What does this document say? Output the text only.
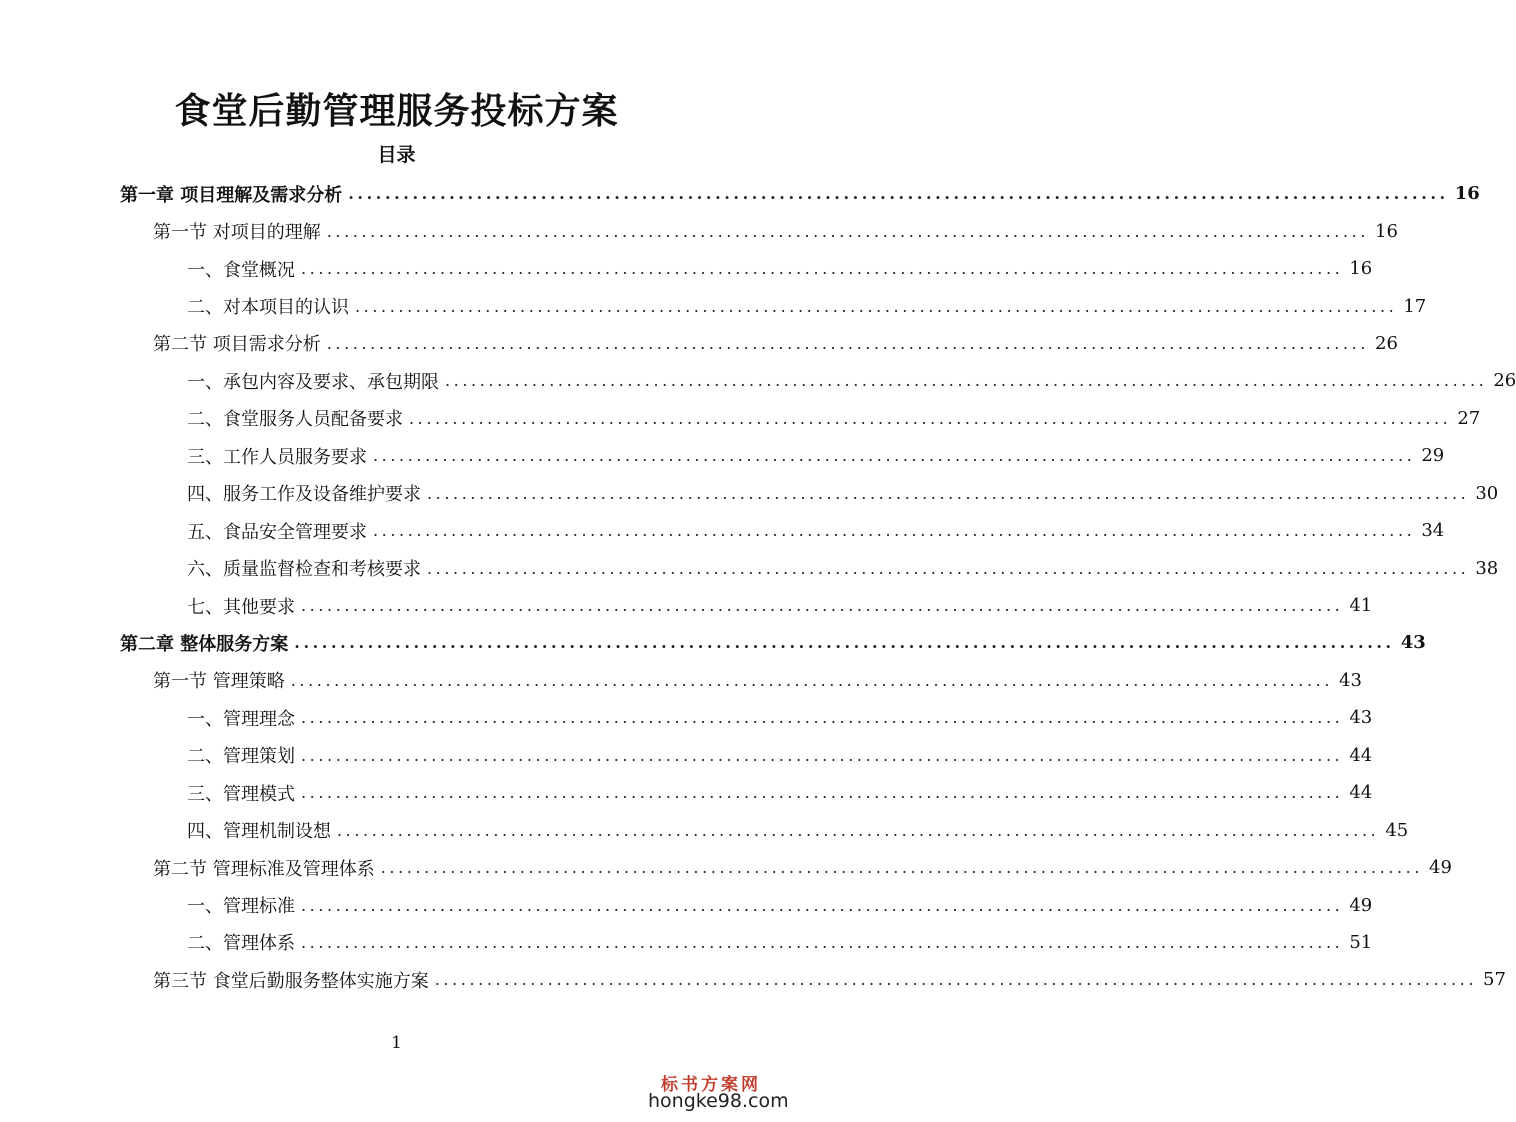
食堂后勤管理服务投标方案
目录
第一章 项目理解及需求分析 ........................................................................................................................ 16
第一节 对项目的理解 ........................................................................................................................ 16
一、食堂概况 ........................................................................................................................ 16
二、对本项目的认识 ........................................................................................................................ 17
第二节 项目需求分析 ........................................................................................................................ 26
一、承包内容及要求、承包期限 ........................................................................................................................ 26
二、食堂服务人员配备要求 ........................................................................................................................ 27
三、工作人员服务要求 ........................................................................................................................ 29
四、服务工作及设备维护要求 ........................................................................................................................ 30
五、食品安全管理要求 ........................................................................................................................ 34
六、质量监督检查和考核要求 ........................................................................................................................ 38
七、其他要求 ........................................................................................................................ 41
第二章 整体服务方案 ........................................................................................................................ 43
第一节 管理策略 ........................................................................................................................ 43
一、管理理念 ........................................................................................................................ 43
二、管理策划 ........................................................................................................................ 44
三、管理模式 ........................................................................................................................ 44
四、管理机制设想 ........................................................................................................................ 45
第二节 管理标准及管理体系 ........................................................................................................................ 49
一、管理标准 ........................................................................................................................ 49
二、管理体系 ........................................................................................................................ 51
第三节 食堂后勤服务整体实施方案 ........................................................................................................................ 57
1
标书方案网
hongke98.com
